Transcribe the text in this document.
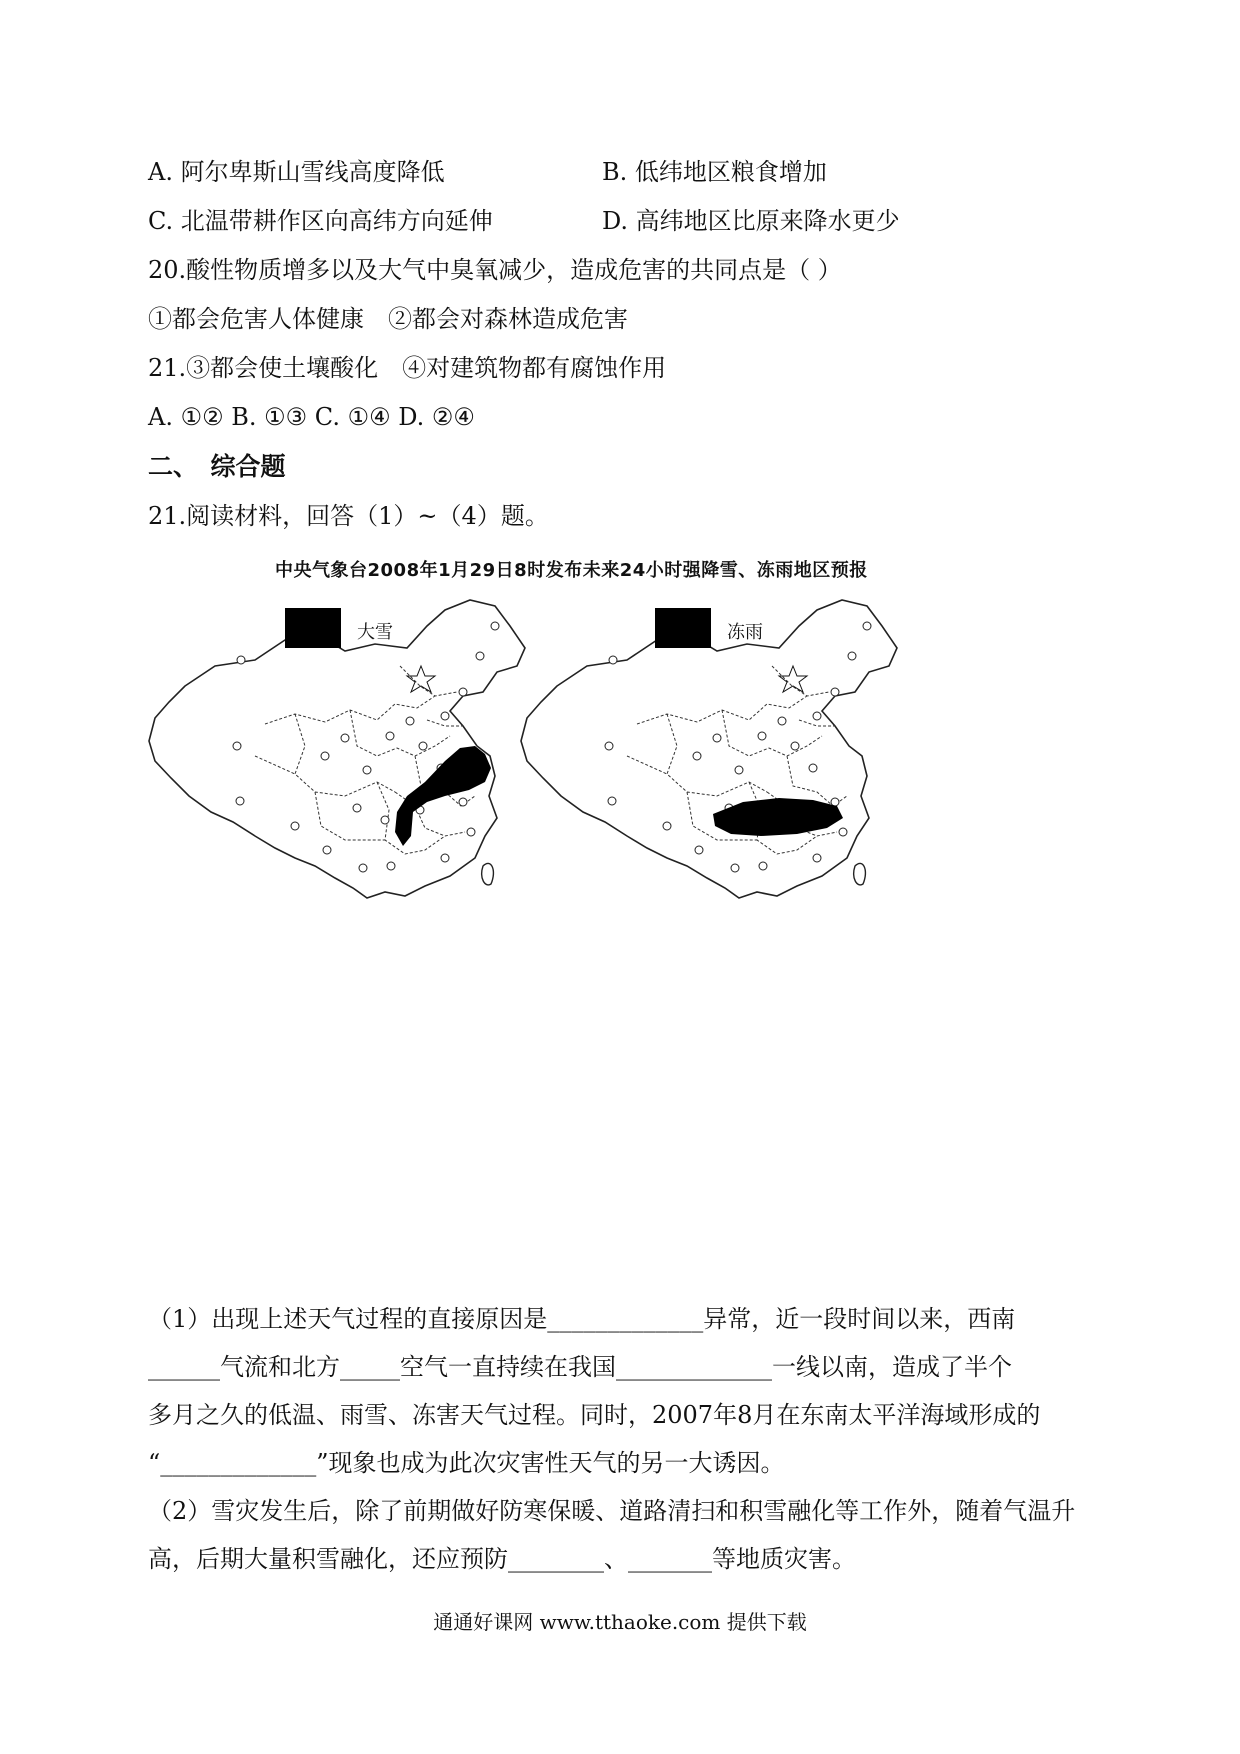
A. 阿尔卑斯山雪线高度降低	B. 低纬地区粮食增加
C. 北温带耕作区向高纬方向延伸	D. 高纬地区比原来降水更少
20.酸性物质增多以及大气中臭氧减少，造成危害的共同点是（ ）
①都会危害人体健康　②都会对森林造成危害
21.③都会使土壤酸化　④对建筑物都有腐蚀作用
A. ①② B. ①③ C. ①④ D. ②④
二、　综合题
21.阅读材料，回答（1）~（4）题。
中央气象台2008年1月29日8时发布未来24小时强降雪、冻雨地区预报
大雪	冻雨
（1）出现上述天气过程的直接原因是_____________异常，近一段时间以来，西南
______气流和北方_____空气一直持续在我国_____________一线以南，造成了半个
多月之久的低温、雨雪、冻害天气过程。同时，2007年8月在东南太平洋海域形成的
“_____________”现象也成为此次灾害性天气的另一大诱因。
（2）雪灾发生后，除了前期做好防寒保暖、道路清扫和积雪融化等工作外，随着气温升
高，后期大量积雪融化，还应预防________、_______等地质灾害。
通通好课网 www.tthaoke.com 提供下载
